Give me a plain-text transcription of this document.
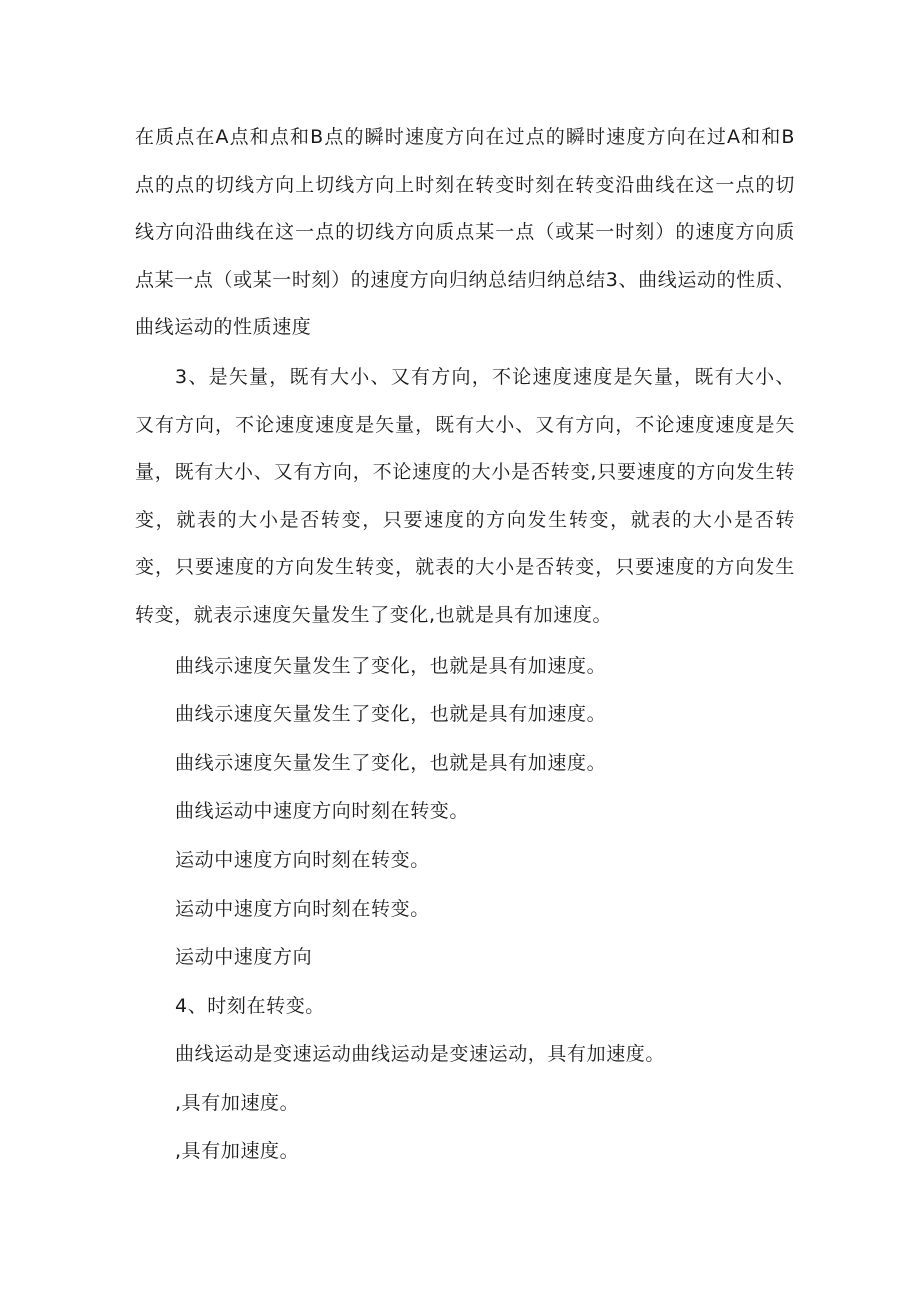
在质点在A点和点和B点的瞬时速度方向在过点的瞬时速度方向在过A和和B点的点的切线方向上切线方向上时刻在转变时刻在转变沿曲线在这一点的切线方向沿曲线在这一点的切线方向质点某一点（或某一时刻）的速度方向质点某一点（或某一时刻）的速度方向归纳总结归纳总结3、曲线运动的性质、曲线运动的性质速度

3、是矢量，既有大小、又有方向，不论速度速度是矢量，既有大小、又有方向，不论速度速度是矢量，既有大小、又有方向，不论速度速度是矢量，既有大小、又有方向，不论速度的大小是否转变,只要速度的方向发生转变，就表的大小是否转变，只要速度的方向发生转变，就表的大小是否转变，只要速度的方向发生转变，就表的大小是否转变，只要速度的方向发生转变，就表示速度矢量发生了变化,也就是具有加速度。

曲线示速度矢量发生了变化，也就是具有加速度。

曲线示速度矢量发生了变化，也就是具有加速度。

曲线示速度矢量发生了变化，也就是具有加速度。

曲线运动中速度方向时刻在转变。

运动中速度方向时刻在转变。

运动中速度方向时刻在转变。

运动中速度方向

4、时刻在转变。

曲线运动是变速运动曲线运动是变速运动，具有加速度。

,具有加速度。

,具有加速度。
